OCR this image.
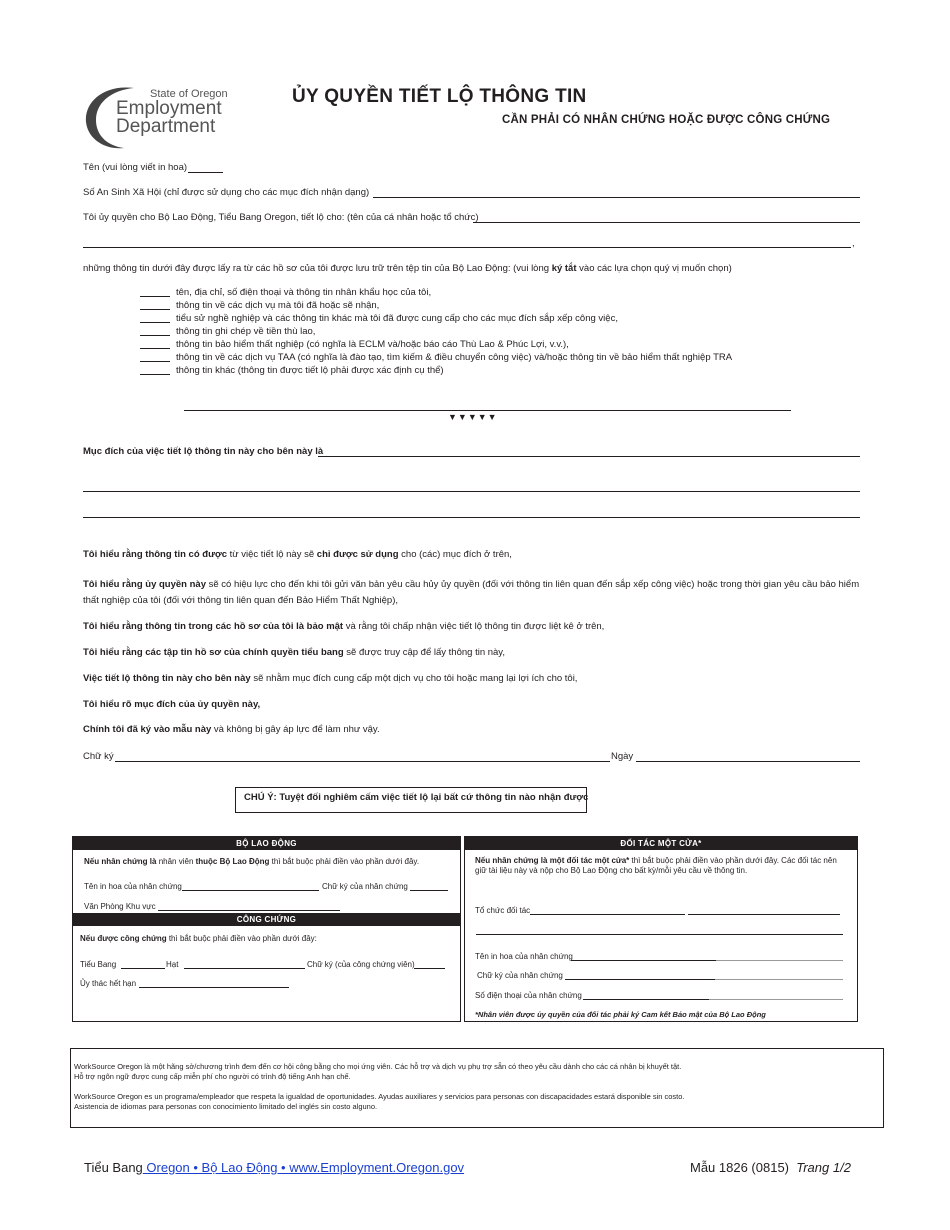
State of Oregon
Employment
Department
ỦY QUYỀN TIẾT LỘ THÔNG TIN
CẦN PHẢI CÓ NHÂN CHỨNG HOẶC ĐƯỢC CÔNG CHỨNG
Tên (vui lòng viết in hoa)
Số An Sinh Xã Hội (chỉ được sử dụng cho các mục đích nhận dạng)
Tôi ủy quyền cho Bộ Lao Động, Tiểu Bang Oregon, tiết lộ cho: (tên của cá nhân hoặc tổ chức)
,
những thông tin dưới đây được lấy ra từ các hồ sơ của tôi được lưu trữ trên tệp tin của Bộ Lao Động: (vui lòng ký tắt vào các lựa chọn quý vị muốn chọn)
tên, địa chỉ, số điện thoại và thông tin nhân khẩu học của tôi,
thông tin về các dịch vụ mà tôi đã hoặc sẽ nhận,
tiểu sử nghề nghiệp và các thông tin khác mà tôi đã được cung cấp cho các mục đích sắp xếp công việc,
thông tin ghi chép về tiền thù lao,
thông tin bảo hiểm thất nghiệp (có nghĩa là ECLM và/hoặc báo cáo Thù Lao & Phúc Lợi, v.v.),
thông tin về các dịch vụ TAA (có nghĩa là đào tạo, tìm kiếm & điều chuyển công việc) và/hoặc thông tin về bảo hiểm thất nghiệp TRA
thông tin khác (thông tin được tiết lộ phải được xác định cụ thể)
▼▼▼▼▼
Mục đích của việc tiết lộ thông tin này cho bên này là
Tôi hiểu rằng thông tin có được từ việc tiết lộ này sẽ chỉ được sử dụng cho (các) mục đích ở trên,
Tôi hiểu rằng ủy quyền này sẽ có hiệu lực cho đến khi tôi gửi văn bản yêu cầu hủy ủy quyền (đối với thông tin liên quan đến sắp xếp công việc) hoặc trong thời gian yêu cầu bảo hiểm thất nghiệp của tôi (đối với thông tin liên quan đến Bảo Hiểm Thất Nghiệp),
Tôi hiểu rằng thông tin trong các hồ sơ của tôi là bảo mật và rằng tôi chấp nhận việc tiết lộ thông tin được liệt kê ở trên,
Tôi hiểu rằng các tập tin hồ sơ của chính quyền tiểu bang sẽ được truy cập để lấy thông tin này,
Việc tiết lộ thông tin này cho bên này sẽ nhằm mục đích cung cấp một dịch vụ cho tôi hoặc mang lại lợi ích cho tôi,
Tôi hiểu rõ mục đích của ủy quyền này,
Chính tôi đã ký vào mẫu này và không bị gây áp lực để làm như vậy.
Chữ ký	Ngày
CHÚ Ý: Tuyệt đối nghiêm cấm việc tiết lộ lại bất cứ thông tin nào nhận được
BỘ LAO ĐỘNG
Nếu nhân chứng là nhân viên thuộc Bộ Lao Động thì bắt buộc phải điền vào phần dưới đây.
Tên in hoa của nhân chứng	Chữ ký của nhân chứng
Văn Phòng Khu vực
CÔNG CHỨNG
Nếu được công chứng thì bắt buộc phải điền vào phần dưới đây:
Tiểu Bang	Hạt	Chữ ký (của công chứng viên)
Ủy thác hết hạn
ĐỐI TÁC MỘT CỬA*
Nếu nhân chứng là một đối tác một cửa* thì bắt buộc phải điền vào phần dưới đây. Các đối tác nên giữ tài liệu này và nộp cho Bộ Lao Động cho bất kỳ/mỗi yêu cầu về thông tin.
Tổ chức đối tác
Tên in hoa của nhân chứng
Chữ ký của nhân chứng
Số điện thoại của nhân chứng
*Nhân viên được ủy quyền của đối tác phải ký Cam kết Bảo mật của Bộ Lao Động
WorkSource Oregon là một hãng sở/chương trình đem đến cơ hội công bằng cho mọi ứng viên. Các hỗ trợ và dịch vụ phụ trợ sẵn có theo yêu cầu dành cho các cá nhân bị khuyết tật.
Hỗ trợ ngôn ngữ được cung cấp miễn phí cho người có trình độ tiếng Anh hạn chế.
WorkSource Oregon es un programa/empleador que respeta la igualdad de oportunidades. Ayudas auxiliares y servicios para personas con discapacidades estará disponible sin costo.
Asistencia de idiomas para personas con conocimiento limitado del inglés sin costo alguno.
Tiểu Bang Oregon • Bộ Lao Động • www.Employment.Oregon.gov	Mẫu 1826 (0815) Trang 1/2
